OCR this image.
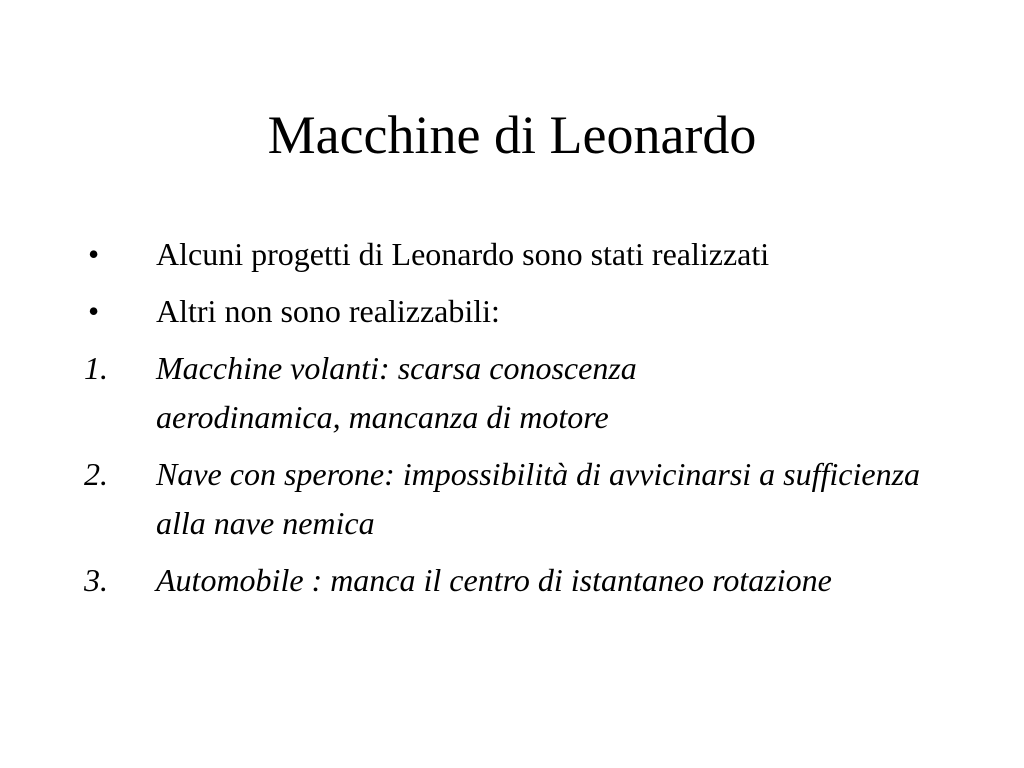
Macchine di Leonardo
•	Alcuni progetti di Leonardo sono stati realizzati
•	Altri non sono realizzabili:
1.	Macchine volanti: scarsa conoscenza aerodinamica, mancanza di motore
2.	Nave con sperone: impossibilità di avvicinarsi a sufficienza alla nave nemica
3.	Automobile : manca il centro di istantaneo rotazione
